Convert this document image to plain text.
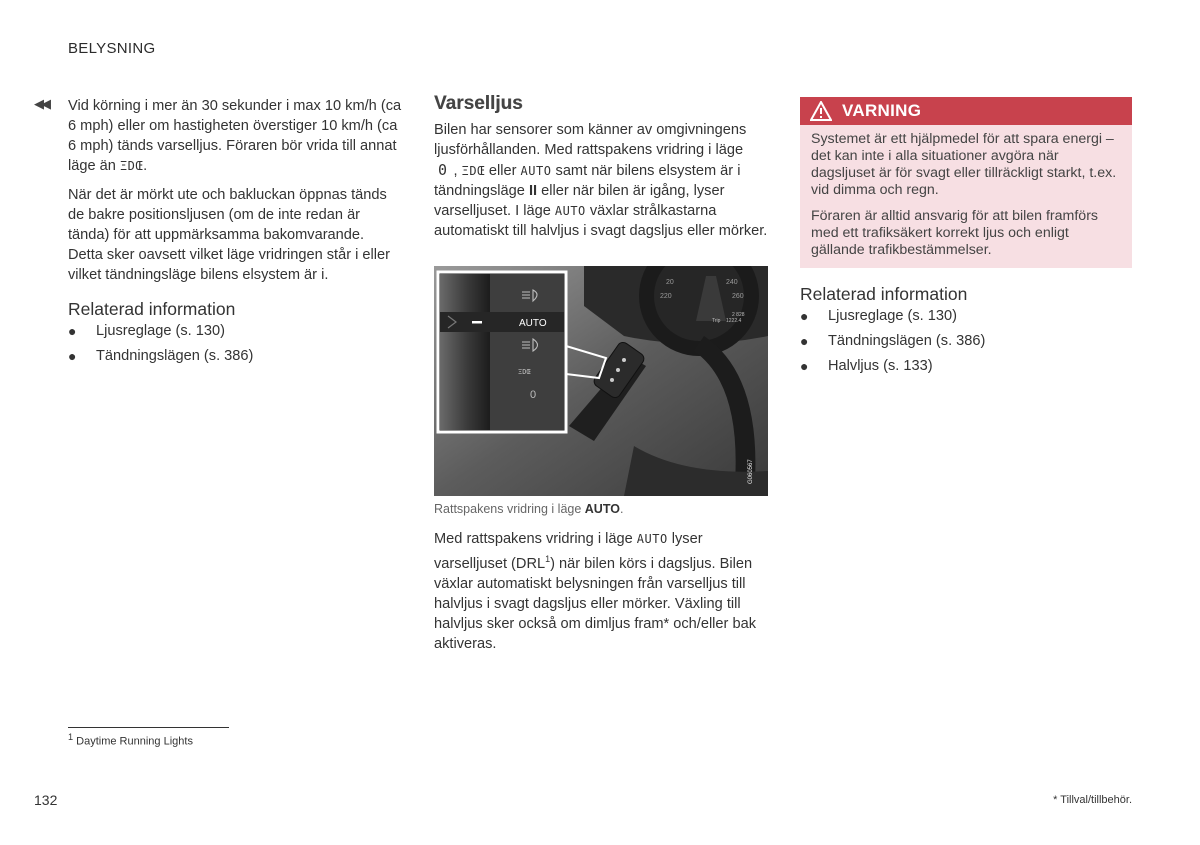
BELYSNING
◀◀ Vid körning i mer än 30 sekunder i max 10 km/h (ca 6 mph) eller om hastigheten överstiger 10 km/h (ca 6 mph) tänds varselljus. Föraren bör vrida till annat läge än ΞDŒ.

När det är mörkt ute och bakluckan öppnas tänds de bakre positionsljusen (om de inte redan är tända) för att uppmärksamma bakomvarande. Detta sker oavsett vilket läge vridringen står i eller vilket tändningsläge bilens elsystem är i.

Relaterad information
● Ljusreglage (s. 130)
● Tändningslägen (s. 386)
Varselljus

Bilen har sensorer som känner av omgivningens ljusförhållanden. Med rattspakens vridring i läge 0 , ΞDŒ eller AUTO samt när bilens elsystem är i tändningsläge II eller när bilen är igång, lyser varselljuset. I läge AUTO växlar strålkastarna automatiskt till halvljus i svagt dagsljus eller mörker.

20
220
240
260
2 828
Trip 1222.4
AUTO
ΞDŒ
0
G060567
Rattspakens vridring i läge AUTO.

Med rattspakens vridring i läge AUTO lyser varselljuset (DRL$^1$) när bilen körs i dagsljus. Bilen växlar automatiskt belysningen från varselljus till halvljus i svagt dagsljus eller mörker. Växling till halvljus sker också om dimljus fram* och/eller bak aktiveras.

VARNING

Systemet är ett hjälpmedel för att spara energi – det kan inte i alla situationer avgöra när dagsljuset är för svagt eller tillräckligt starkt, t.ex. vid dimma och regn.

Föraren är alltid ansvarig för att bilen framförs med ett trafiksäkert korrekt ljus och enligt gällande trafikbestämmelser.

Relaterad information
● Ljusreglage (s. 130)
● Tändningslägen (s. 386)
● Halvljus (s. 133)
$^1$ Daytime Running Lights
132	* Tillval/tillbehör.
